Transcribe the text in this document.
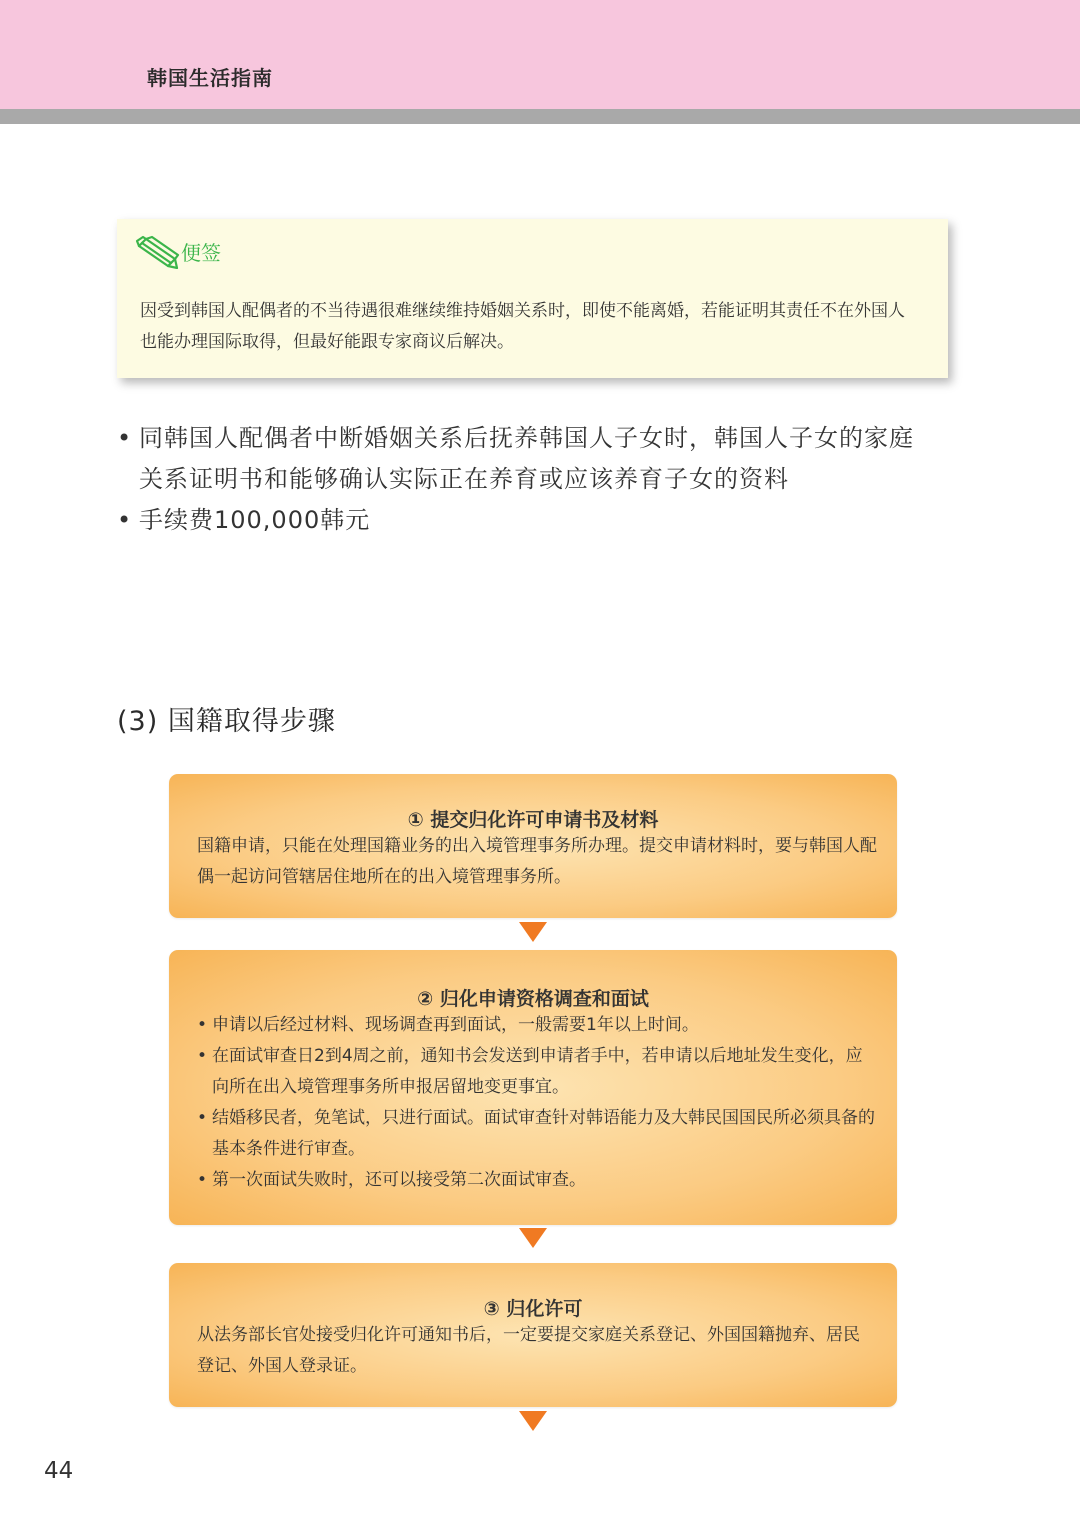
韩国生活指南
便签
因受到韩国人配偶者的不当待遇很难继续维持婚姻关系时，即使不能离婚，若能证明其责任不在外国人
也能办理国际取得，但最好能跟专家商议后解决。
• 同韩国人配偶者中断婚姻关系后抚养韩国人子女时，韩国人子女的家庭
关系证明书和能够确认实际正在养育或应该养育子女的资料
• 手续费100,000韩元
(3) 国籍取得步骤
① 提交归化许可申请书及材料
国籍申请，只能在处理国籍业务的出入境管理事务所办理。提交申请材料时，要与韩国人配
偶一起访问管辖居住地所在的出入境管理事务所。
② 归化申请资格调查和面试
• 申请以后经过材料、现场调查再到面试，一般需要1年以上时间。
• 在面试审查日2到4周之前，通知书会发送到申请者手中，若申请以后地址发生变化，应
向所在出入境管理事务所申报居留地变更事宜。
• 结婚移民者，免笔试，只进行面试。面试审查针对韩语能力及大韩民国国民所必须具备的
基本条件进行审查。
• 第一次面试失败时，还可以接受第二次面试审查。
③ 归化许可
从法务部长官处接受归化许可通知书后，一定要提交家庭关系登记、外国国籍抛弃、居民
登记、外国人登录证。
44
